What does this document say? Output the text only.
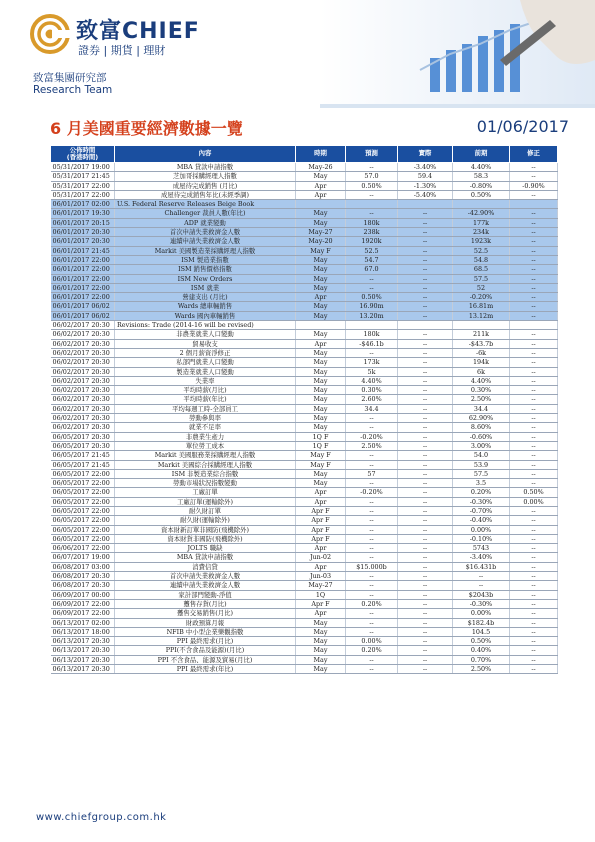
致富CHIEF
證券 | 期貨 | 理財
致富集團研究部
Research Team
6 月美國重要經濟數據一覽	01/06/2017
公佈時間
(香港時間)	內容	時期	預測	實際	前期	修正
05/31/2017 19:00	MBA 貸款申請指數	May-26	--	-3.40%	4.40%	--
05/31/2017 21:45	芝加哥採購經理人指數	May	57.0	59.4	58.3	--
05/31/2017 22:00	成屋待完成銷售 (月比)	Apr	0.50%	-1.30%	-0.80%	-0.90%
05/31/2017 22:00	成屋待完成銷售年比(未經季調)	Apr	--	-5.40%	0.50%	--
06/01/2017 02:00	U.S. Federal Reserve Releases Beige Book					
06/01/2017 19:30	Challenger 裁員人數(年比)	May	--	--	-42.90%	--
06/01/2017 20:15	ADP 就業變動	May	180k	--	177k	--
06/01/2017 20:30	首次申請失業救濟金人數	May-27	238k	--	234k	--
06/01/2017 20:30	連續申請失業救濟金人數	May-20	1920k	--	1923k	--
06/01/2017 21:45	Markit 美國製造業採購經理人指數	May F	52.5	--	52.5	--
06/01/2017 22:00	ISM 製造業指數	May	54.7	--	54.8	--
06/01/2017 22:00	ISM 銷售價格指數	May	67.0	--	68.5	--
06/01/2017 22:00	ISM New Orders	May	--	--	57.5	--
06/01/2017 22:00	ISM 就業	May	--	--	52	--
06/01/2017 22:00	營建支出 (月比)	Apr	0.50%	--	-0.20%	--
06/01/2017 06/02	Wards 總車輛銷售	May	16.90m	--	16.81m	--
06/01/2017 06/02	Wards 國內車輛銷售	May	13.20m	--	13.12m	--
06/02/2017 20:30	Revisions: Trade (2014-16 will be revised)					
06/02/2017 20:30	非農業就業人口變動	May	180k	--	211k	--
06/02/2017 20:30	貿易收支	Apr	-$46.1b	--	-$43.7b	--
06/02/2017 20:30	2 個月薪資淨修正	May	--	--	-6k	--
06/02/2017 20:30	私部門就業人口變動	May	173k	--	194k	--
06/02/2017 20:30	製造業就業人口變動	May	5k	--	6k	--
06/02/2017 20:30	失業率	May	4.40%	--	4.40%	--
06/02/2017 20:30	平均時薪(月比)	May	0.30%	--	0.30%	--
06/02/2017 20:30	平均時薪(年比)	May	2.60%	--	2.50%	--
06/02/2017 20:30	平均每週工時-全部員工	May	34.4	--	34.4	--
06/02/2017 20:30	勞動參與率	May	--	--	62.90%	--
06/02/2017 20:30	就業不足率	May	--	--	8.60%	--
06/05/2017 20:30	非農業生產力	1Q F	-0.20%	--	-0.60%	--
06/05/2017 20:30	單位勞工成本	1Q F	2.50%	--	3.00%	--
06/05/2017 21:45	Markit 美國服務業採購經理人指數	May F	--	--	54.0	--
06/05/2017 21:45	Markit 美國綜合採購經理人指數	May F	--	--	53.9	--
06/05/2017 22:00	ISM 非製造業綜合指數	May	57	--	57.5	--
06/05/2017 22:00	勞動市場狀況指數變動	May	--	--	3.5	--
06/05/2017 22:00	工廠訂單	Apr	-0.20%	--	0.20%	0.50%
06/05/2017 22:00	工廠訂單(運輸除外)	Apr	--	--	-0.30%	0.00%
06/05/2017 22:00	耐久財訂單	Apr F	--	--	-0.70%	--
06/05/2017 22:00	耐久財(運輸除外)	Apr F	--	--	-0.40%	--
06/05/2017 22:00	資本財新訂單非國防(飛機除外)	Apr F	--	--	0.00%	--
06/05/2017 22:00	資本財貨非國防(飛機除外)	Apr F	--	--	-0.10%	--
06/06/2017 22:00	JOLTS 職缺	Apr	--	--	5743	--
06/07/2017 19:00	MBA 貸款申請指數	Jun-02	--	--	-3.40%	--
06/08/2017 03:00	消費信貸	Apr	$15.000b	--	$16.431b	--
06/08/2017 20:30	首次申請失業救濟金人數	Jun-03	--	--	--	--
06/08/2017 20:30	連續申請失業救濟金人數	May-27	--	--	--	--
06/09/2017 00:00	家計部門變動-淨值	1Q	--	--	$2043b	--
06/09/2017 22:00	躉售存貨(月比)	Apr F	0.20%	--	-0.30%	--
06/09/2017 22:00	躉售交易銷售(月比)	Apr	--	--	0.00%	--
06/13/2017 02:00	財政預算月報	May	--	--	$182.4b	--
06/13/2017 18:00	NFIB 中小型企業樂觀指數	May	--	--	104.5	--
06/13/2017 20:30	PPI 最終需求(月比)	May	0.00%	--	0.50%	--
06/13/2017 20:30	PPI(不含食品及能源)(月比)	May	0.20%	--	0.40%	--
06/13/2017 20:30	PPI 不含食品、能源及貿易(月比)	May	--	--	0.70%	--
06/13/2017 20:30	PPI 最終需求(年比)	May	--	--	2.50%	--
www.chiefgroup.com.hk
